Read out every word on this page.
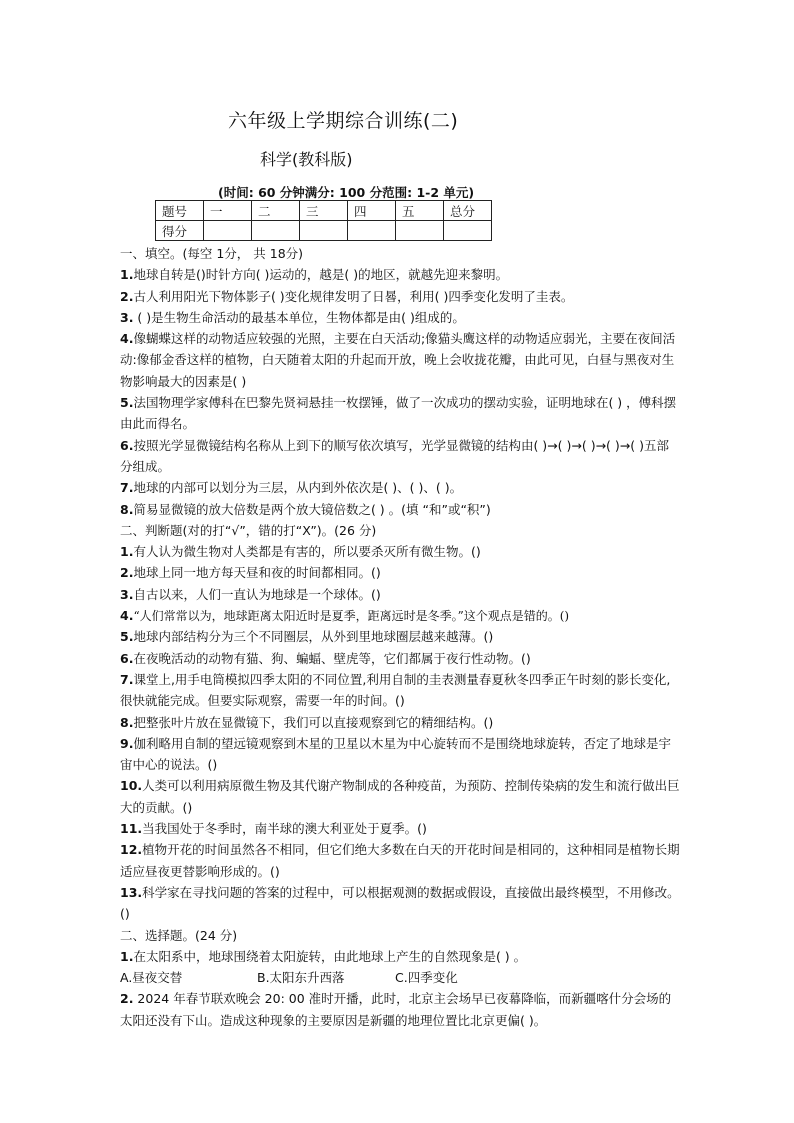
六年级上学期综合训练(二)
科学(教科版)
(时间: 60 分钟满分: 100 分范围: 1-2 单元)
题号	一	二	三	四	五	总分
得分						
一、填空。(每空 1分， 共 18分)
1.地球自转是()时针方向( )运动的，越是( )的地区，就越先迎来黎明。
2.古人利用阳光下物体影子( )变化规律发明了日晷，利用( )四季变化发明了圭表。
3. ( )是生物生命活动的最基本单位，生物体都是由( )组成的。
4.像蝴蝶这样的动物适应较强的光照，主要在白天活动;像猫头鹰这样的动物适应弱光，主要在夜间活动:像郁金香这样的植物，白天随着太阳的升起而开放，晚上会收拢花瓣，由此可见，白昼与黑夜对生物影响最大的因素是( )
5.法国物理学家傅科在巴黎先贤祠悬挂一枚摆锤，做了一次成功的摆动实验，证明地球在( ) ，傅科摆由此而得名。
6.按照光学显微镜结构名称从上到下的顺写依次填写，光学显微镜的结构由( )→( )→( )→( )→( )五部分组成。
7.地球的内部可以划分为三层，从内到外依次是( )、( )、( )。
8.简易显微镜的放大倍数是两个放大镜倍数之( ) 。(填 “和”或“积”)
二、判断题(对的打“√”，错的打“X”)。(26 分)
1.有人认为微生物对人类都是有害的，所以要杀灭所有微生物。()
2.地球上同一地方每天昼和夜的时间都相同。()
3.自古以来，人们一直认为地球是一个球体。()
4.“人们常常以为，地球距离太阳近时是夏季，距离远时是冬季。”这个观点是错的。()
5.地球内部结构分为三个不同圈层，从外到里地球圈层越来越薄。()
6.在夜晚活动的动物有猫、狗、蝙蝠、壁虎等，它们都属于夜行性动物。()
7.课堂上,用手电筒模拟四季太阳的不同位置,利用自制的圭表测量春夏秋冬四季正午时刻的影长变化,很快就能完成。但要实际观察，需要一年的时间。()
8.把整张叶片放在显微镜下，我们可以直接观察到它的精细结构。()
9.伽利略用自制的望远镜观察到木星的卫星以木星为中心旋转而不是围绕地球旋转，否定了地球是宇宙中心的说法。()
10.人类可以利用病原微生物及其代谢产物制成的各种疫苗，为预防、控制传染病的发生和流行做出巨大的贡献。()
11.当我国处于冬季时，南半球的澳大利亚处于夏季。()
12.植物开花的时间虽然各不相同，但它们绝大多数在白天的开花时间是相同的，这种相同是植物长期适应昼夜更替影响形成的。()
13.科学家在寻找问题的答案的过程中，可以根据观测的数据或假设，直接做出最终模型，不用修改。()
二、选择题。(24 分)
1.在太阳系中，地球围绕着太阳旋转，由此地球上产生的自然现象是( ) 。
A.昼夜交替	B.太阳东升西落	C.四季变化
2. 2024 年春节联欢晚会 20: 00 准时开播，此时，北京主会场早已夜幕降临，而新疆喀什分会场的太阳还没有下山。造成这种现象的主要原因是新疆的地理位置比北京更偏( )。
